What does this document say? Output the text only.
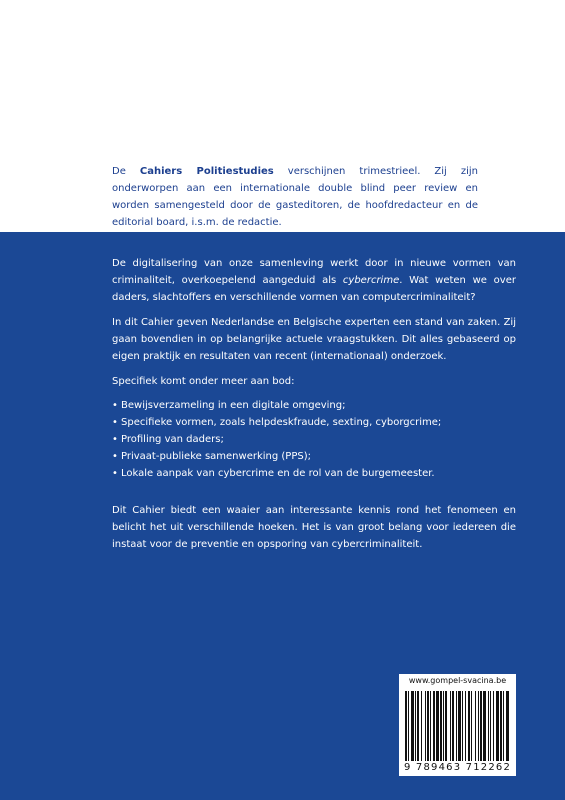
De Cahiers Politiestudies verschijnen trimestrieel. Zij zijn onderworpen aan een internationale double blind peer review en worden samengesteld door de gasteditoren, de hoofdredacteur en de editorial board, i.s.m. de redactie.

De digitalisering van onze samenleving werkt door in nieuwe vormen van criminaliteit, overkoepelend aangeduid als cybercrime. Wat weten we over daders, slachtoffers en verschillende vormen van computercriminaliteit?

In dit Cahier geven Nederlandse en Belgische experten een stand van zaken. Zij gaan bovendien in op belangrijke actuele vraagstukken. Dit alles gebaseerd op eigen praktijk en resultaten van recent (internationaal) onderzoek.

Specifiek komt onder meer aan bod:

• Bewijsverzameling in een digitale omgeving;
• Specifieke vormen, zoals helpdeskfraude, sexting, cyborgcrime;
• Profiling van daders;
• Privaat-publieke samenwerking (PPS);
• Lokale aanpak van cybercrime en de rol van de burgemeester.

Dit Cahier biedt een waaier aan interessante kennis rond het fenomeen en belicht het uit verschillende hoeken. Het is van groot belang voor iedereen die instaat voor de preventie en opsporing van cybercriminaliteit.

www.gompel-svacina.be
9 789463 712262
